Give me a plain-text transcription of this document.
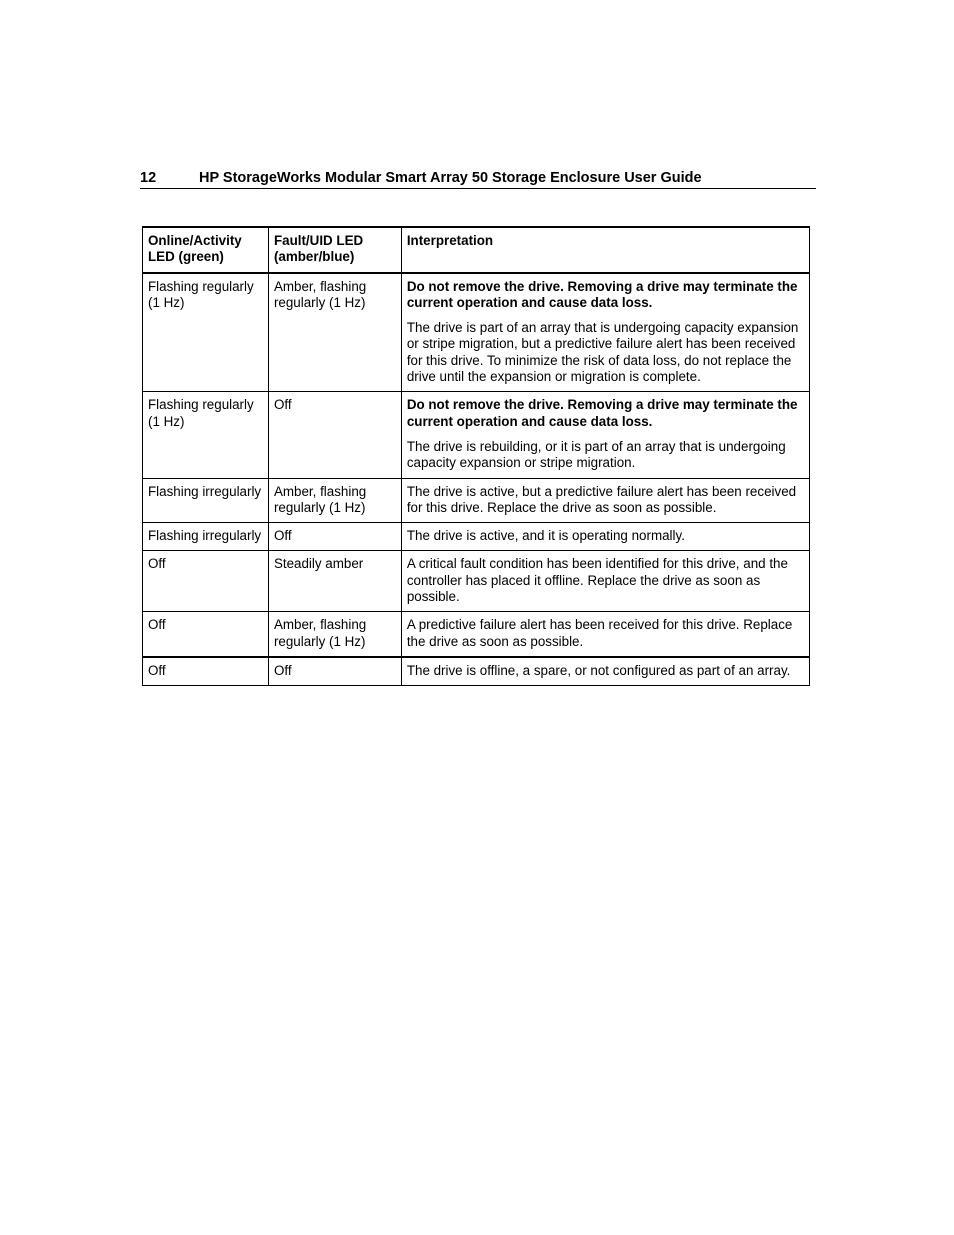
12	HP StorageWorks Modular Smart Array 50 Storage Enclosure User Guide
Online/Activity LED (green)	Fault/UID LED (amber/blue)	Interpretation
Flashing regularly (1 Hz)	Amber, flashing regularly (1 Hz)	Do not remove the drive. Removing a drive may terminate the current operation and cause data loss.
The drive is part of an array that is undergoing capacity expansion or stripe migration, but a predictive failure alert has been received for this drive. To minimize the risk of data loss, do not replace the drive until the expansion or migration is complete.

Flashing regularly (1 Hz)	Off	Do not remove the drive. Removing a drive may terminate the current operation and cause data loss.
The drive is rebuilding, or it is part of an array that is undergoing capacity expansion or stripe migration.

Flashing irregularly	Amber, flashing regularly (1 Hz)	The drive is active, but a predictive failure alert has been received for this drive. Replace the drive as soon as possible.
Flashing irregularly	Off	The drive is active, and it is operating normally.
Off	Steadily amber	A critical fault condition has been identified for this drive, and the controller has placed it offline. Replace the drive as soon as possible.
Off	Amber, flashing regularly (1 Hz)	A predictive failure alert has been received for this drive. Replace the drive as soon as possible.
Off	Off	The drive is offline, a spare, or not configured as part of an array.
